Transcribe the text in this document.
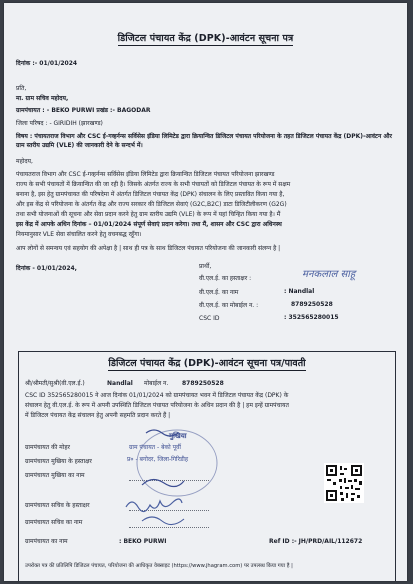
डिजिटल पंचायत केंद्र (DPK)-आवंटन सूचना पत्र
दिनांक :- 01/01/2024
प्रति,
मा. ग्राम सचिव महोदय,
ग्रामपंचायत : - BEKO PURWI प्रखंड :- BAGODAR
जिला परिषद : - GIRIDIH (झारखण्ड)
विषय : पंचायतराज विभाग और CSC ई-गव्हर्नन्स सर्विसेस इंडिया लिमिटेड द्वारा क्रियान्वित डिजिटल पंचायत परियोजना के तहत डिजिटल पंचायत केंद्र (DPK)-आवंटन और ग्राम स्तरीय उद्यमि (VLE) की जानकारी देने के सन्दर्भ में।
महोदय,
पंचायतराज विभाग और CSC ई-गव्हर्नन्स सर्विसेस इंडिया लिमिटेड द्वारा क्रियान्वित डिजिटल पंचायत परियोजना झारखण्ड
राज्य के सभी पंचायतों में क्रियान्वित की जा रही है। जिसके अंतर्गत राज्य के सभी पंचायतों को डिजिटल पंचायत के रूप में सक्षम
बनाना है, इस हेतु ग्रामपंचायत की परिषदेमा में अंतर्गत डिजिटल पंचायत केंद्र (DPK) संचालन के लिए प्रस्तावित किया गया है,
और इस केंद्र से परियोजना के अंतर्गत केंद्र और राज्य सरकार की डिजिटल सेवाएं (G2C,B2C) डाटा डिजिटीलीकरण (G2G)
तथा सभी योजनाओं की सूचना और सेवा प्रदान करने हेतु ग्राम स्तरीय उद्यमि (VLE) के रूप में यहां चिन्हित किया गया है। मैं
इस केंद्र में आपके अधिन दिनांक – 01/01/2024 संपूर्ण सेवाएं प्रदान करेगा। तथा मैं, शासन और CSC द्वारा अधिनस्थ
नियमानुसार VLE सेवा संचालित करने हेतु वचनबद्ध रहूँगा।
आप लोगों से समन्वय एवं सहयोग की अपेक्षा है | साथ ही पत्र के साथ डिजिटल पंचायत परियोजना की जानकारी संलग्न है |
दिनांक - 01/01/2024,	प्रार्थी,
वी.एल.ई. का हस्ताक्षर :	मनकलाल साहू
वी.एल.ई. का नाम	: Nandlal
वी.एल.ई. का मोबाईल न. :	8789250528
CSC ID	: 352565280015
डिजिटल पंचायत केंद्र (DPK)-आवंटन सूचना पत्र/पावती
श्री/श्रीमती/सुश्री(वी.एल.ई.)	Nandlal मोबाईल न. 8789250528
CSC ID 352565280015 ने आज दिनांक 01/01/2024 को ग्रामपंचायत भवन में डिजिटल पंचायत केंद्र (DPK) के
संचालन हेतु वी.एल.ई. के रूप में अपनी उपस्थिति डिजिटल पंचायत परियोजना के अधिन प्रदान की है | हम इन्हें ग्रामपंचायत
में डिजिटल पंचायत केंद्र संचालन हेतु अपनी सहमति प्रदान करते हैं |
मुखिया
ग्रामपंचायत की मोहर	ग्राम पंचायत - बेको पूर्वी
ग्रामपंचायत मुखिया के हस्ताक्षर	प्र० - बगोदर, जिला-गिरिडीह
ग्रामपंचायत मुखिया का नाम
ग्रामपंचायत सचिव के हस्ताक्षर
ग्रामपंचायत सचिव का नाम
ग्रामपंचायत का नाम	: BEKO PURWI	Ref ID :- JH/PRD/AIL/112672
उपरोक्त पत्र की प्रतिलिपि डिजिटल पंचायत, परियोजना की आधिकृत वेबसाइट (https://www.jhagram.com) पर उपलब्ध किया गया है |
